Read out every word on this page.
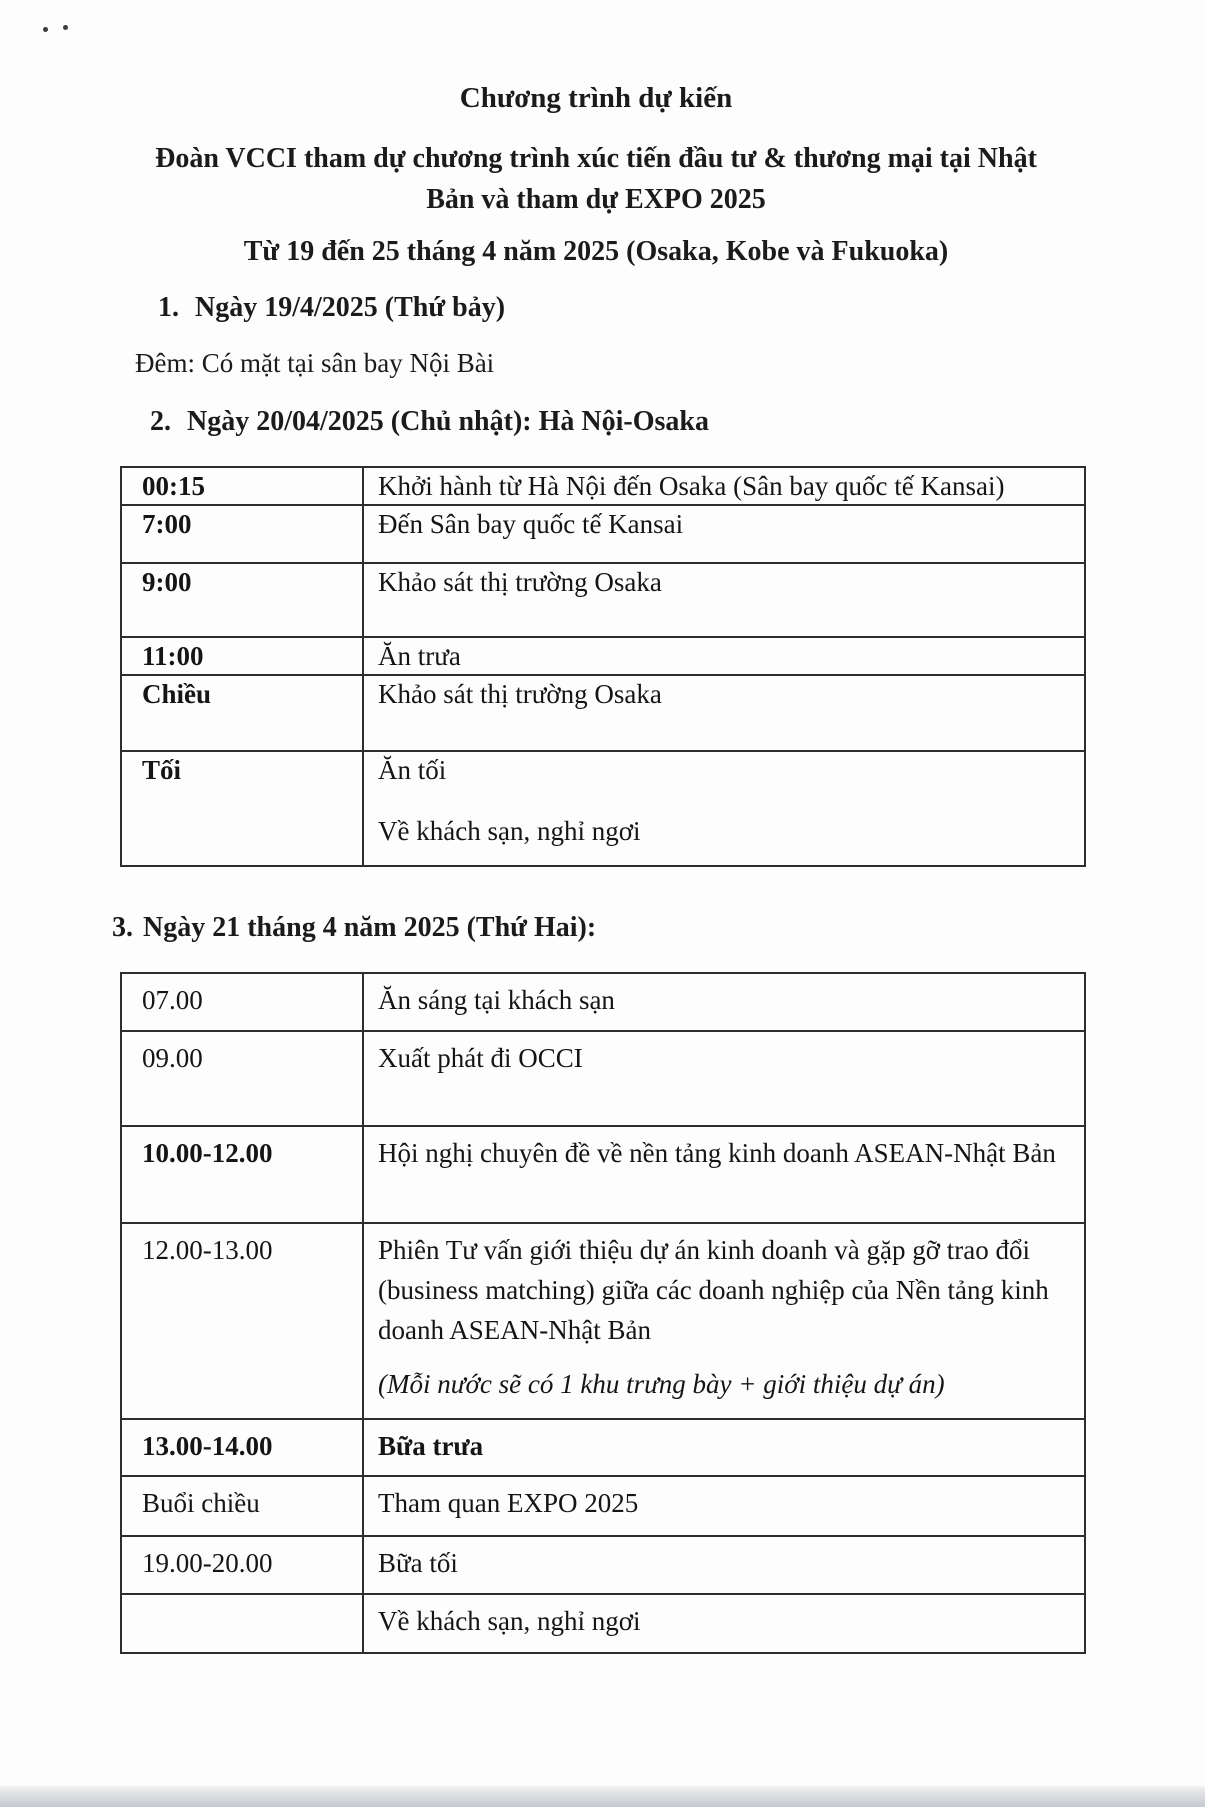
Chương trình dự kiến
Đoàn VCCI tham dự chương trình xúc tiến đầu tư & thương mại tại Nhật
Bản và tham dự EXPO 2025
Từ 19 đến 25 tháng 4 năm 2025 (Osaka, Kobe và Fukuoka)
1. Ngày 19/4/2025 (Thứ bảy)
Đêm: Có mặt tại sân bay Nội Bài
2. Ngày 20/04/2025 (Chủ nhật): Hà Nội-Osaka
00:15	Khởi hành từ Hà Nội đến Osaka (Sân bay quốc tế Kansai)
7:00	Đến Sân bay quốc tế Kansai
9:00	Khảo sát thị trường Osaka
11:00	Ăn trưa
Chiều	Khảo sát thị trường Osaka
Tối	Ăn tối
Về khách sạn, nghỉ ngơi
3. Ngày 21 tháng 4 năm 2025 (Thứ Hai):
07.00	Ăn sáng tại khách sạn
09.00	Xuất phát đi OCCI
10.00-12.00	Hội nghị chuyên đề về nền tảng kinh doanh ASEAN-Nhật Bản
12.00-13.00	Phiên Tư vấn giới thiệu dự án kinh doanh và gặp gỡ trao đổi (business matching) giữa các doanh nghiệp của Nền tảng kinh doanh ASEAN-Nhật Bản
(Mỗi nước sẽ có 1 khu trưng bày + giới thiệu dự án)

13.00-14.00	Bữa trưa
Buổi chiều	Tham quan EXPO 2025
19.00-20.00	Bữa tối
	Về khách sạn, nghỉ ngơi
